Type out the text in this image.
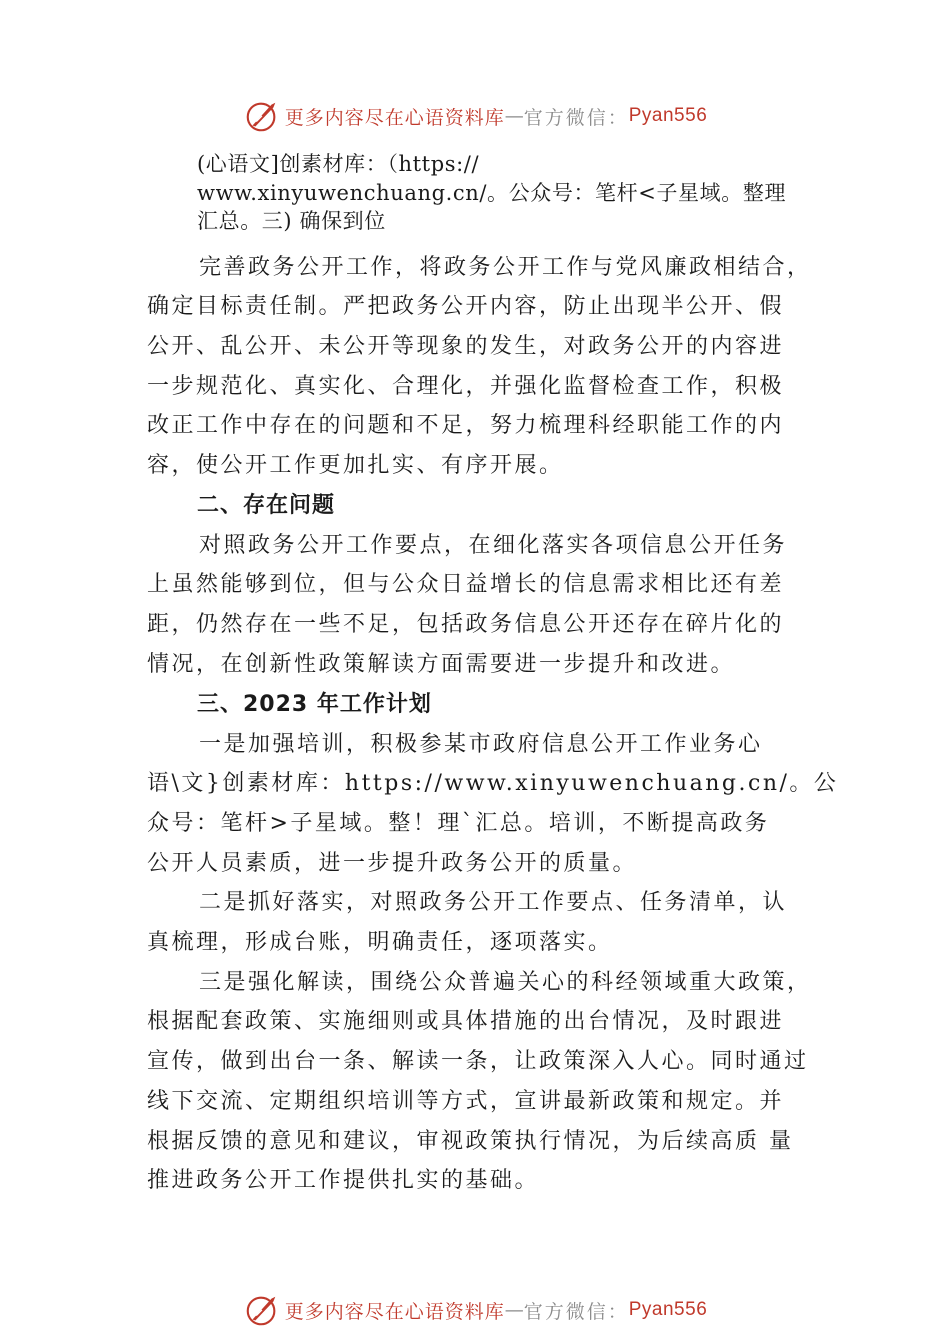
更多内容尽在心语资料库 — 官方微信： Pyan556
(心语文]创素材库：（https://
www.xinyuwenchuang.cn/。公众号：笔杆<子星域。整理
汇总。三) 确保到位

完善政务公开工作，将政务公开工作与党风廉政相结合，
确定目标责任制。严把政务公开内容，防止出现半公开、假
公开、乱公开、未公开等现象的发生，对政务公开的内容进
一步规范化、真实化、合理化，并强化监督检查工作，积极
改正工作中存在的问题和不足，努力梳理科经职能工作的内
容，使公开工作更加扎实、有序开展。

二、存在问题

对照政务公开工作要点，在细化落实各项信息公开任务
上虽然能够到位，但与公众日益增长的信息需求相比还有差
距，仍然存在一些不足，包括政务信息公开还存在碎片化的
情况，在创新性政策解读方面需要进一步提升和改进。

三、2023 年工作计划

一是加强培训，积极参某市政府信息公开工作业务心
语\文}创素材库：https://www.xinyuwenchuang.cn/。公
众号：笔杆>子星域。整！理`汇总。培训，不断提高政务
公开人员素质，进一步提升政务公开的质量。

二是抓好落实，对照政务公开工作要点、任务清单，认
真梳理，形成台账，明确责任，逐项落实。

三是强化解读，围绕公众普遍关心的科经领域重大政策，
根据配套政策、实施细则或具体措施的出台情况，及时跟进
宣传，做到出台一条、解读一条，让政策深入人心。同时通过
线下交流、定期组织培训等方式，宣讲最新政策和规定。并
根据反馈的意见和建议，审视政策执行情况，为后续高质 量
推进政务公开工作提供扎实的基础。

更多内容尽在心语资料库 — 官方微信： Pyan556
